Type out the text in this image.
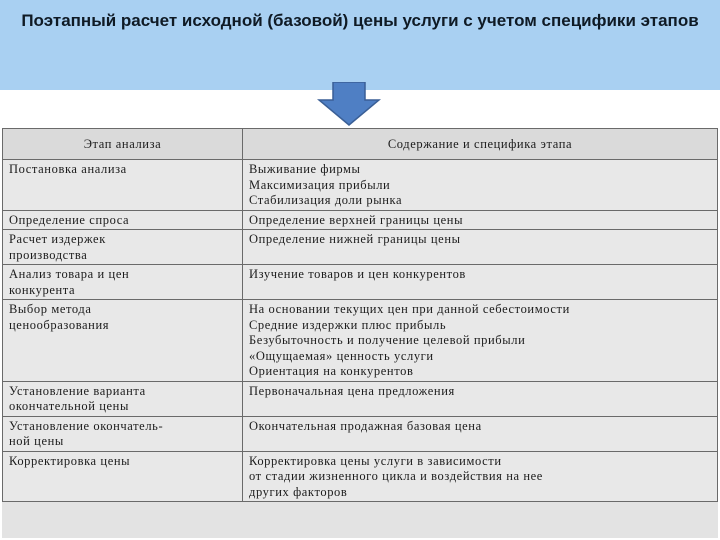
Поэтапный расчет исходной (базовой) цены услуги с учетом специфики этапов
Этап анализа	Содержание и специфика этапа

Постановка анализа	Выживание фирмы
Максимизация прибыли
Стабилизация доли рынка

Определение спроса	Определение верхней границы цены

Расчет издержек
производства	Определение нижней границы цены

Анализ товара и цен
конкурента	Изучение товаров и цен конкурентов

Выбор метода
ценообразования	На основании текущих цен при данной себестоимости
Средние издержки плюс прибыль
Безубыточность и получение целевой прибыли
«Ощущаемая» ценность услуги
Ориентация на конкурентов

Установление варианта
окончательной цены	Первоначальная цена предложения

Установление окончатель-
ной цены	Окончательная продажная базовая цена

Корректировка цены	Корректировка цены услуги в зависимости
от стадии жизненного цикла и воздействия на нее
других факторов
